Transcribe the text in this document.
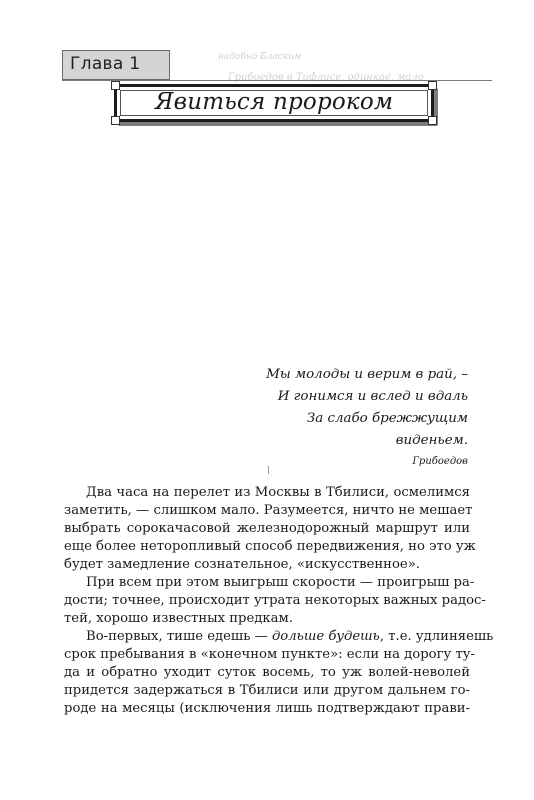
надобно Бласким
Грибоедов в Тифлисе, одинкае, мало
Глава 1
Явиться пророком
Мы молоды и верим в рай, –
И гонимся и вслед и вдаль
За слабо брежжущим
виденьем.
Грибоедов
Два часа на перелет из Москвы в Тбилиси, осмелимся
заметить, — слишком мало. Разумеется, ничто не мешает
выбрать сорокачасовой железнодорожный маршрут или
еще более неторопливый способ передвижения, но это уж
будет замедление сознательное, «искусственное».
При всем при этом выигрыш скорости — проигрыш ра-
дости; точнее, происходит утрата некоторых важных радос-
тей, хорошо известных предкам.
Во-первых, тише едешь — дольше будешь, т.е. удлиняешь
срок пребывания в «конечном пункте»: если на дорогу ту-
да и обратно уходит суток восемь, то уж волей-неволей
придется задержаться в Тбилиси или другом дальнем го-
роде на месяцы (исключения лишь подтверждают прави-
